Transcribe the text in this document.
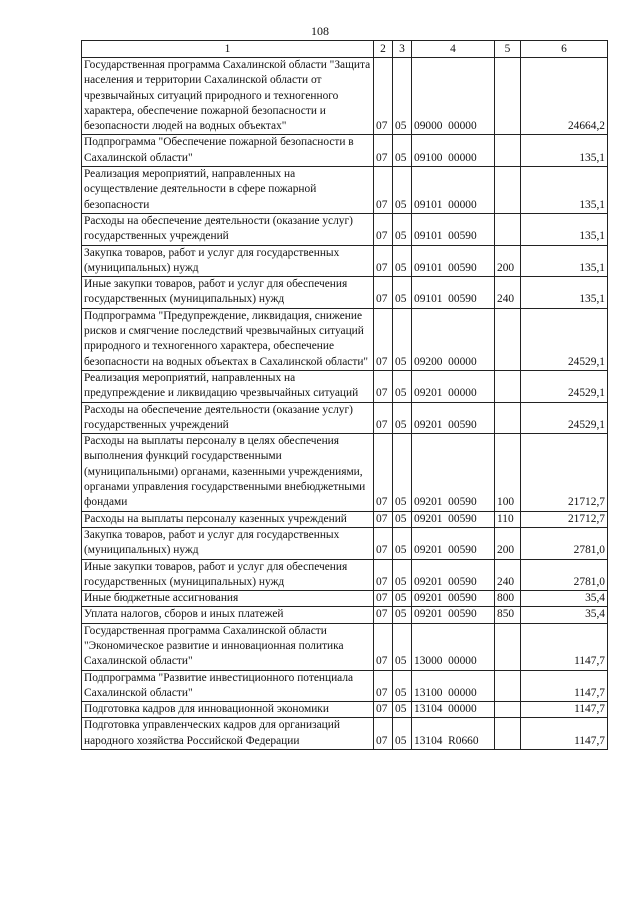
108
1	2	3	4	5	6
Государственная программа Сахалинской области "Защита населения и территории Сахалинской области от чрезвычайных ситуаций природного и техногенного характера, обеспечение пожарной безопасности и безопасности людей на водных объектах"	07	05	09000  00000		24664,2
Подпрограмма "Обеспечение пожарной безопасности в Сахалинской области"	07	05	09100  00000		135,1
Реализация мероприятий, направленных на осуществление деятельности в сфере пожарной безопасности	07	05	09101  00000		135,1
Расходы на обеспечение деятельности (оказание услуг) государственных учреждений	07	05	09101  00590		135,1
Закупка товаров, работ и услуг для государственных (муниципальных) нужд	07	05	09101  00590	200	135,1
Иные закупки товаров, работ и услуг для обеспечения государственных (муниципальных) нужд	07	05	09101  00590	240	135,1
Подпрограмма "Предупреждение, ликвидация, снижение рисков и смягчение последствий чрезвычайных ситуаций природного и техногенного характера, обеспечение безопасности на водных объектах в Сахалинской области"	07	05	09200  00000		24529,1
Реализация мероприятий, направленных на предупреждение и ликвидацию чрезвычайных ситуаций	07	05	09201  00000		24529,1
Расходы на обеспечение деятельности (оказание услуг) государственных учреждений	07	05	09201  00590		24529,1
Расходы на выплаты персоналу в целях обеспечения выполнения функций государственными (муниципальными) органами, казенными учреждениями, органами управления государственными внебюджетными фондами	07	05	09201  00590	100	21712,7
Расходы на выплаты персоналу казенных учреждений	07	05	09201  00590	110	21712,7
Закупка товаров, работ и услуг для государственных (муниципальных) нужд	07	05	09201  00590	200	2781,0
Иные закупки товаров, работ и услуг для обеспечения государственных (муниципальных) нужд	07	05	09201  00590	240	2781,0
Иные бюджетные ассигнования	07	05	09201  00590	800	35,4
Уплата налогов, сборов и иных платежей	07	05	09201  00590	850	35,4
Государственная программа Сахалинской области "Экономическое развитие и инновационная политика Сахалинской области"	07	05	13000  00000		1147,7
Подпрограмма "Развитие инвестиционного потенциала Сахалинской области"	07	05	13100  00000		1147,7
Подготовка кадров для инновационной экономики	07	05	13104  00000		1147,7
Подготовка управленческих кадров для организаций народного хозяйства Российской Федерации	07	05	13104  R0660		1147,7
